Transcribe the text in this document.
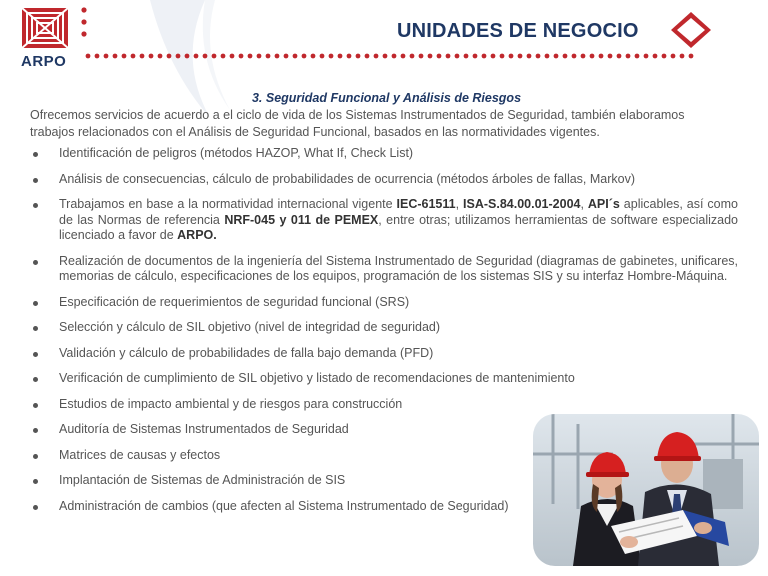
ARPO
UNIDADES DE NEGOCIO
3. Seguridad Funcional y Análisis de Riesgos

Ofrecemos servicios de acuerdo a el ciclo de vida de los Sistemas Instrumentados de Seguridad, también elaboramos trabajos relacionados con el Análisis de Seguridad Funcional, basados en las normatividades vigentes.

Identificación de peligros (métodos HAZOP, What If, Check List)
Análisis de consecuencias, cálculo de probabilidades de ocurrencia (métodos árboles de fallas, Markov)
Trabajamos en base a la normatividad internacional vigente IEC-61511, ISA-S.84.00.01-2004, API´s aplicables, así como de las Normas de referencia NRF-045 y 011 de PEMEX, entre otras; utilizamos herramientas de software especializado licenciado a favor de ARPO.
Realización de documentos de la ingeniería del Sistema Instrumentado de Seguridad (diagramas de gabinetes, unificares, memorias de cálculo, especificaciones de los equipos, programación de los sistemas SIS y su interfaz Hombre-Máquina.
Especificación de requerimientos de seguridad funcional (SRS)
Selección y cálculo de SIL objetivo (nivel de integridad de seguridad)
Validación y cálculo de probabilidades de falla bajo demanda (PFD)
Verificación de cumplimiento de SIL objetivo y listado de recomendaciones de mantenimiento
Estudios de impacto ambiental y de riesgos para construcción
Auditoría de Sistemas Instrumentados de Seguridad
Matrices de causas y efectos
Implantación de Sistemas de Administración de SIS
Administración de cambios (que afecten al Sistema Instrumentado de Seguridad)
